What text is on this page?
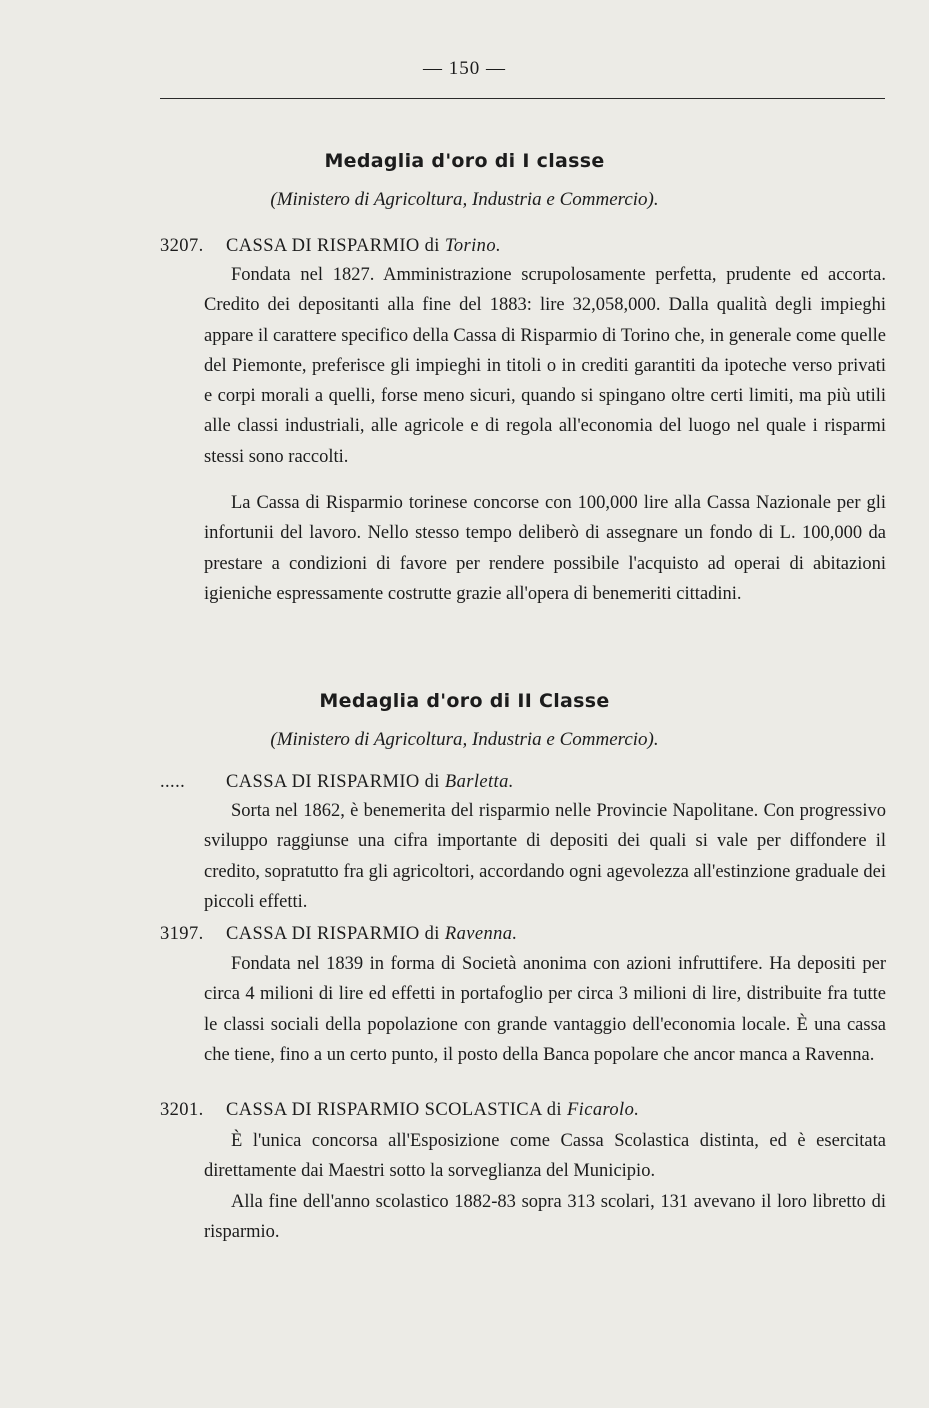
— 150 —
Medaglia d'oro di I classe
(Ministero di Agricoltura, Industria e Commercio).
3207. CASSA DI RISPARMIO di Torino.

Fondata nel 1827. Amministrazione scrupolosamente perfetta, prudente ed accorta. Credito dei depositanti alla fine del 1883: lire 32,058,000. Dalla qualità degli impieghi appare il carattere specifico della Cassa di Risparmio di Torino che, in generale come quelle del Piemonte, preferisce gli impieghi in titoli o in crediti garantiti da ipoteche verso privati e corpi morali a quelli, forse meno sicuri, quando si spingano oltre certi limiti, ma più utili alle classi industriali, alle agricole e di regola all'economia del luogo nel quale i risparmi stessi sono raccolti.

La Cassa di Risparmio torinese concorse con 100,000 lire alla Cassa Nazionale per gli infortunii del lavoro. Nello stesso tempo deliberò di assegnare un fondo di L. 100,000 da prestare a condizioni di favore per rendere possibile l'acquisto ad operai di abitazioni igieniche espressamente costrutte grazie all'opera di benemeriti cittadini.

Medaglia d'oro di II Classe
(Ministero di Agricoltura, Industria e Commercio).
..... CASSA DI RISPARMIO di Barletta.

Sorta nel 1862, è benemerita del risparmio nelle Provincie Napolitane. Con progressivo sviluppo raggiunse una cifra importante di depositi dei quali si vale per diffondere il credito, sopratutto fra gli agricoltori, accordando ogni agevolezza all'estinzione graduale dei piccoli effetti.

3197. CASSA DI RISPARMIO di Ravenna.

Fondata nel 1839 in forma di Società anonima con azioni infruttifere. Ha depositi per circa 4 milioni di lire ed effetti in portafoglio per circa 3 milioni di lire, distribuite fra tutte le classi sociali della popolazione con grande vantaggio dell'economia locale. È una cassa che tiene, fino a un certo punto, il posto della Banca popolare che ancor manca a Ravenna.

3201. CASSA DI RISPARMIO SCOLASTICA di Ficarolo.

È l'unica concorsa all'Esposizione come Cassa Scolastica distinta, ed è esercitata direttamente dai Maestri sotto la sorveglianza del Municipio.

Alla fine dell'anno scolastico 1882-83 sopra 313 scolari, 131 avevano il loro libretto di risparmio.
